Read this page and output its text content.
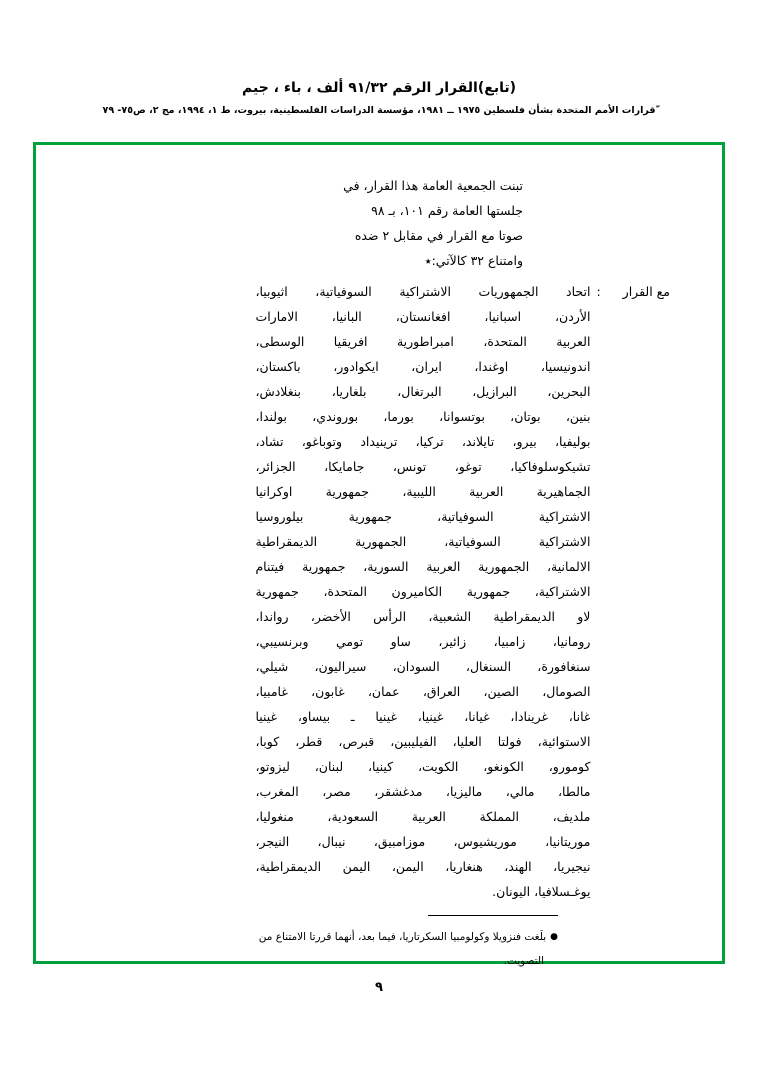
(تابع)القرار الرقم ٩١/٣٢ ألف ، باء ، جيم
ّقرارات الأمم المتحدة بشأن فلسطين ١٩٧٥ ــ ١٩٨١، مؤسسة الدراسات الفلسطينية، بيروت، ط ١، ١٩٩٤، مج ٢، ص٧٥- ٧٩
تبنت الجمعية العامة هذا القرار، في
جلستها العامة رقم ١٠١، بـ ٩٨
صوتا مع القرار في مقابل ٢ ضده
وامتناع ٣٢ كالآتي:٭
مع القرار
:
اتحاد الجمهوريات الاشتراكية السوفياتية، اثيوبيا،
الأردن، اسبانيا، افغانستان، البانيا، الامارات
العربية المتحدة، امبراطورية افريقيا الوسطى،
اندونيسيا، اوغندا، ايران، ايكوادور، باكستان،
البحرين، البرازيل، البرتغال، بلغاريا، بنغلادش،
بنين، بوتان، بوتسوانا، بورما، بوروندي، بولندا،
بوليفيا، بيرو، تايلاند، تركيا، ترينيداد وتوباغو، تشاد،
تشيكوسلوفاكيا، توغو، تونس، جامايكا، الجزائر،
الجماهيرية العربية الليبية، جمهورية اوكرانيا
الاشتراكية السوفياتية، جمهورية بيلوروسيا
الاشتراكية السوفياتية، الجمهورية الديمقراطية
الالمانية، الجمهورية العربية السورية، جمهورية فيتنام
الاشتراكية، جمهورية الكاميرون المتحدة، جمهورية
لاو الديمقراطية الشعبية، الرأس الأخضر، رواندا،
رومانيا، زامبيا، زائير، ساو تومي وبرنسيبي،
سنغافورة، السنغال، السودان، سيراليون، شيلي،
الصومال، الصين، العراق، عمان، غابون، غامبيا،
غانا، غرينادا، غيانا، غينيا، غينيا ـ بيساو، غينيا
الاستوائية، فولتا العليا، الفيليبين، قبرص، قطر، كوبا،
كومورو، الكونغو، الكويت، كينيا، لبنان، ليزوتو،
مالطا، مالي، ماليزيا، مدغشقر، مصر، المغرب،
ملديف، المملكة العربية السعودية، منغوليا،
موريتانيا، موريشيوس، موزامبيق، نيبال، النيجر،
نيجيريا، الهند، هنغاريا، اليمن، اليمن الديمقراطية،
يوغـسلافيا، اليونان.
●بلَغت فنزويلا وكولومبيا السكرتاريا، فيما بعد، أنهما قررتا الامتناع من
التصويت.
٩
